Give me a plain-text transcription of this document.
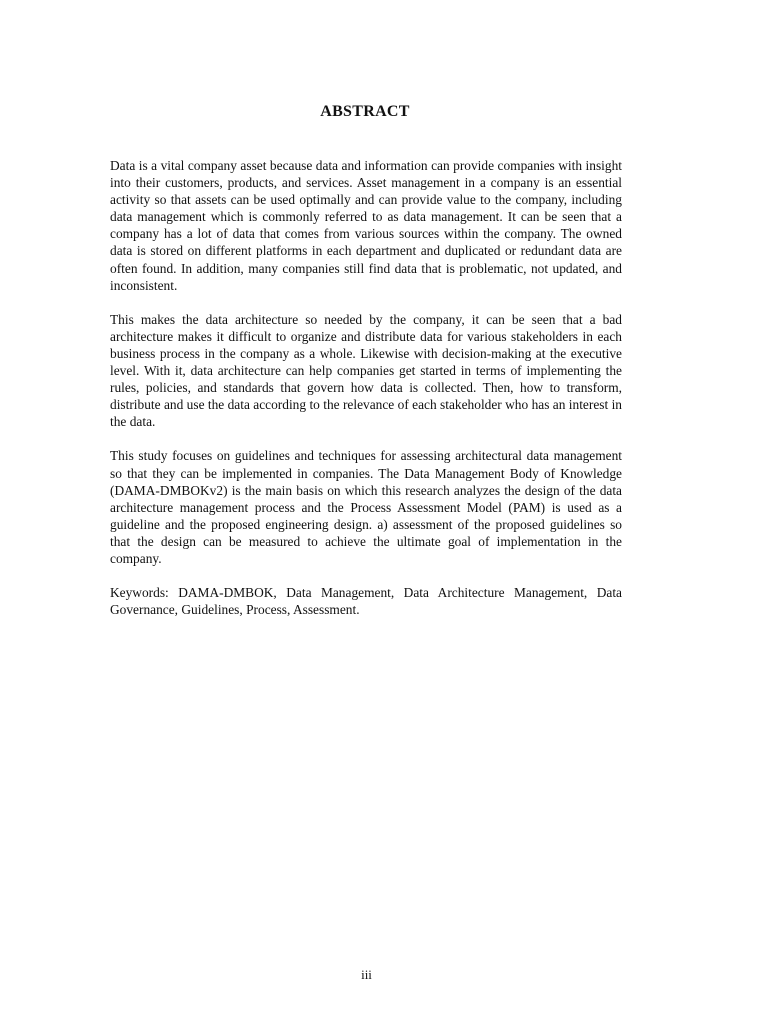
ABSTRACT

Data is a vital company asset because data and information can provide companies with insight into their customers, products, and services. Asset management in a company is an essential activity so that assets can be used optimally and can provide value to the company, including data management which is commonly referred to as data management. It can be seen that a company has a lot of data that comes from various sources within the company. The owned data is stored on different platforms in each department and duplicated or redundant data are often found. In addition, many companies still find data that is problematic, not updated, and inconsistent.

This makes the data architecture so needed by the company, it can be seen that a bad architecture makes it difficult to organize and distribute data for various stakeholders in each business process in the company as a whole. Likewise with decision-making at the executive level. With it, data architecture can help companies get started in terms of implementing the rules, policies, and standards that govern how data is collected. Then, how to transform, distribute and use the data according to the relevance of each stakeholder who has an interest in the data.

This study focuses on guidelines and techniques for assessing architectural data management so that they can be implemented in companies. The Data Management Body of Knowledge (DAMA-DMBOKv2) is the main basis on which this research analyzes the design of the data architecture management process and the Process Assessment Model (PAM) is used as a guideline and the proposed engineering design. a) assessment of the proposed guidelines so that the design can be measured to achieve the ultimate goal of implementation in the company.

Keywords: DAMA-DMBOK, Data Management, Data Architecture Management, Data Governance, Guidelines, Process, Assessment.

iii
